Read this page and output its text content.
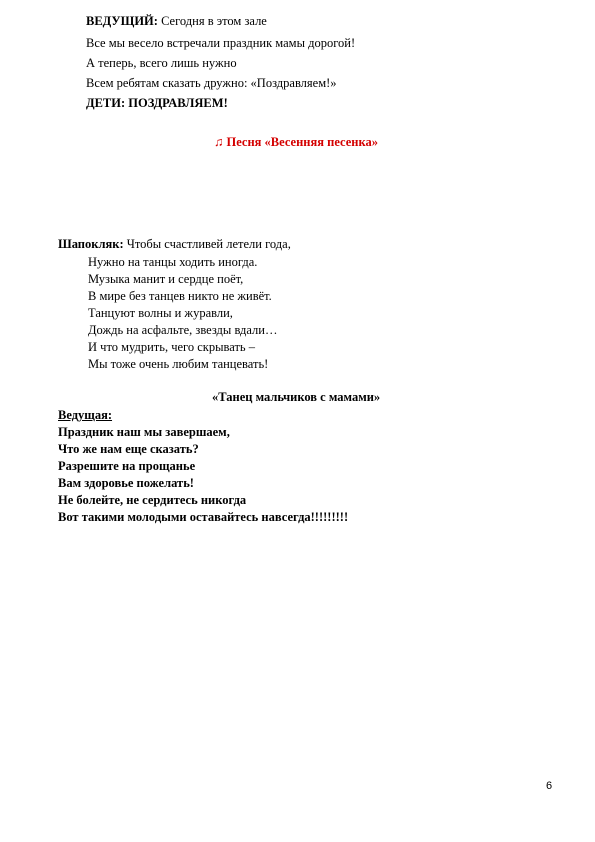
ВЕДУЩИЙ: Сегодня в этом зале
Все мы весело встречали праздник мамы дорогой!
А теперь, всего лишь нужно
Всем ребятам сказать дружно: «Поздравляем!»
ДЕТИ: ПОЗДРАВЛЯЕМ!
♫ Песня «Весенняя песенка»
Шапокляк: Чтобы счастливей летели года,
Нужно на танцы ходить иногда.
Музыка манит и сердце поёт,
В мире без танцев никто не живёт.
Танцуют волны и журавли,
Дождь на асфальте, звезды вдали…
И что мудрить, чего скрывать –
Мы тоже очень любим танцевать!
«Танец мальчиков с мамами»
Ведущая:
Праздник наш мы завершаем,
Что же нам еще сказать?
Разрешите на прощанье
Вам здоровье пожелать!
Не болейте, не сердитесь никогда
Вот такими молодыми оставайтесь навсегда!!!!!!!!!
6
